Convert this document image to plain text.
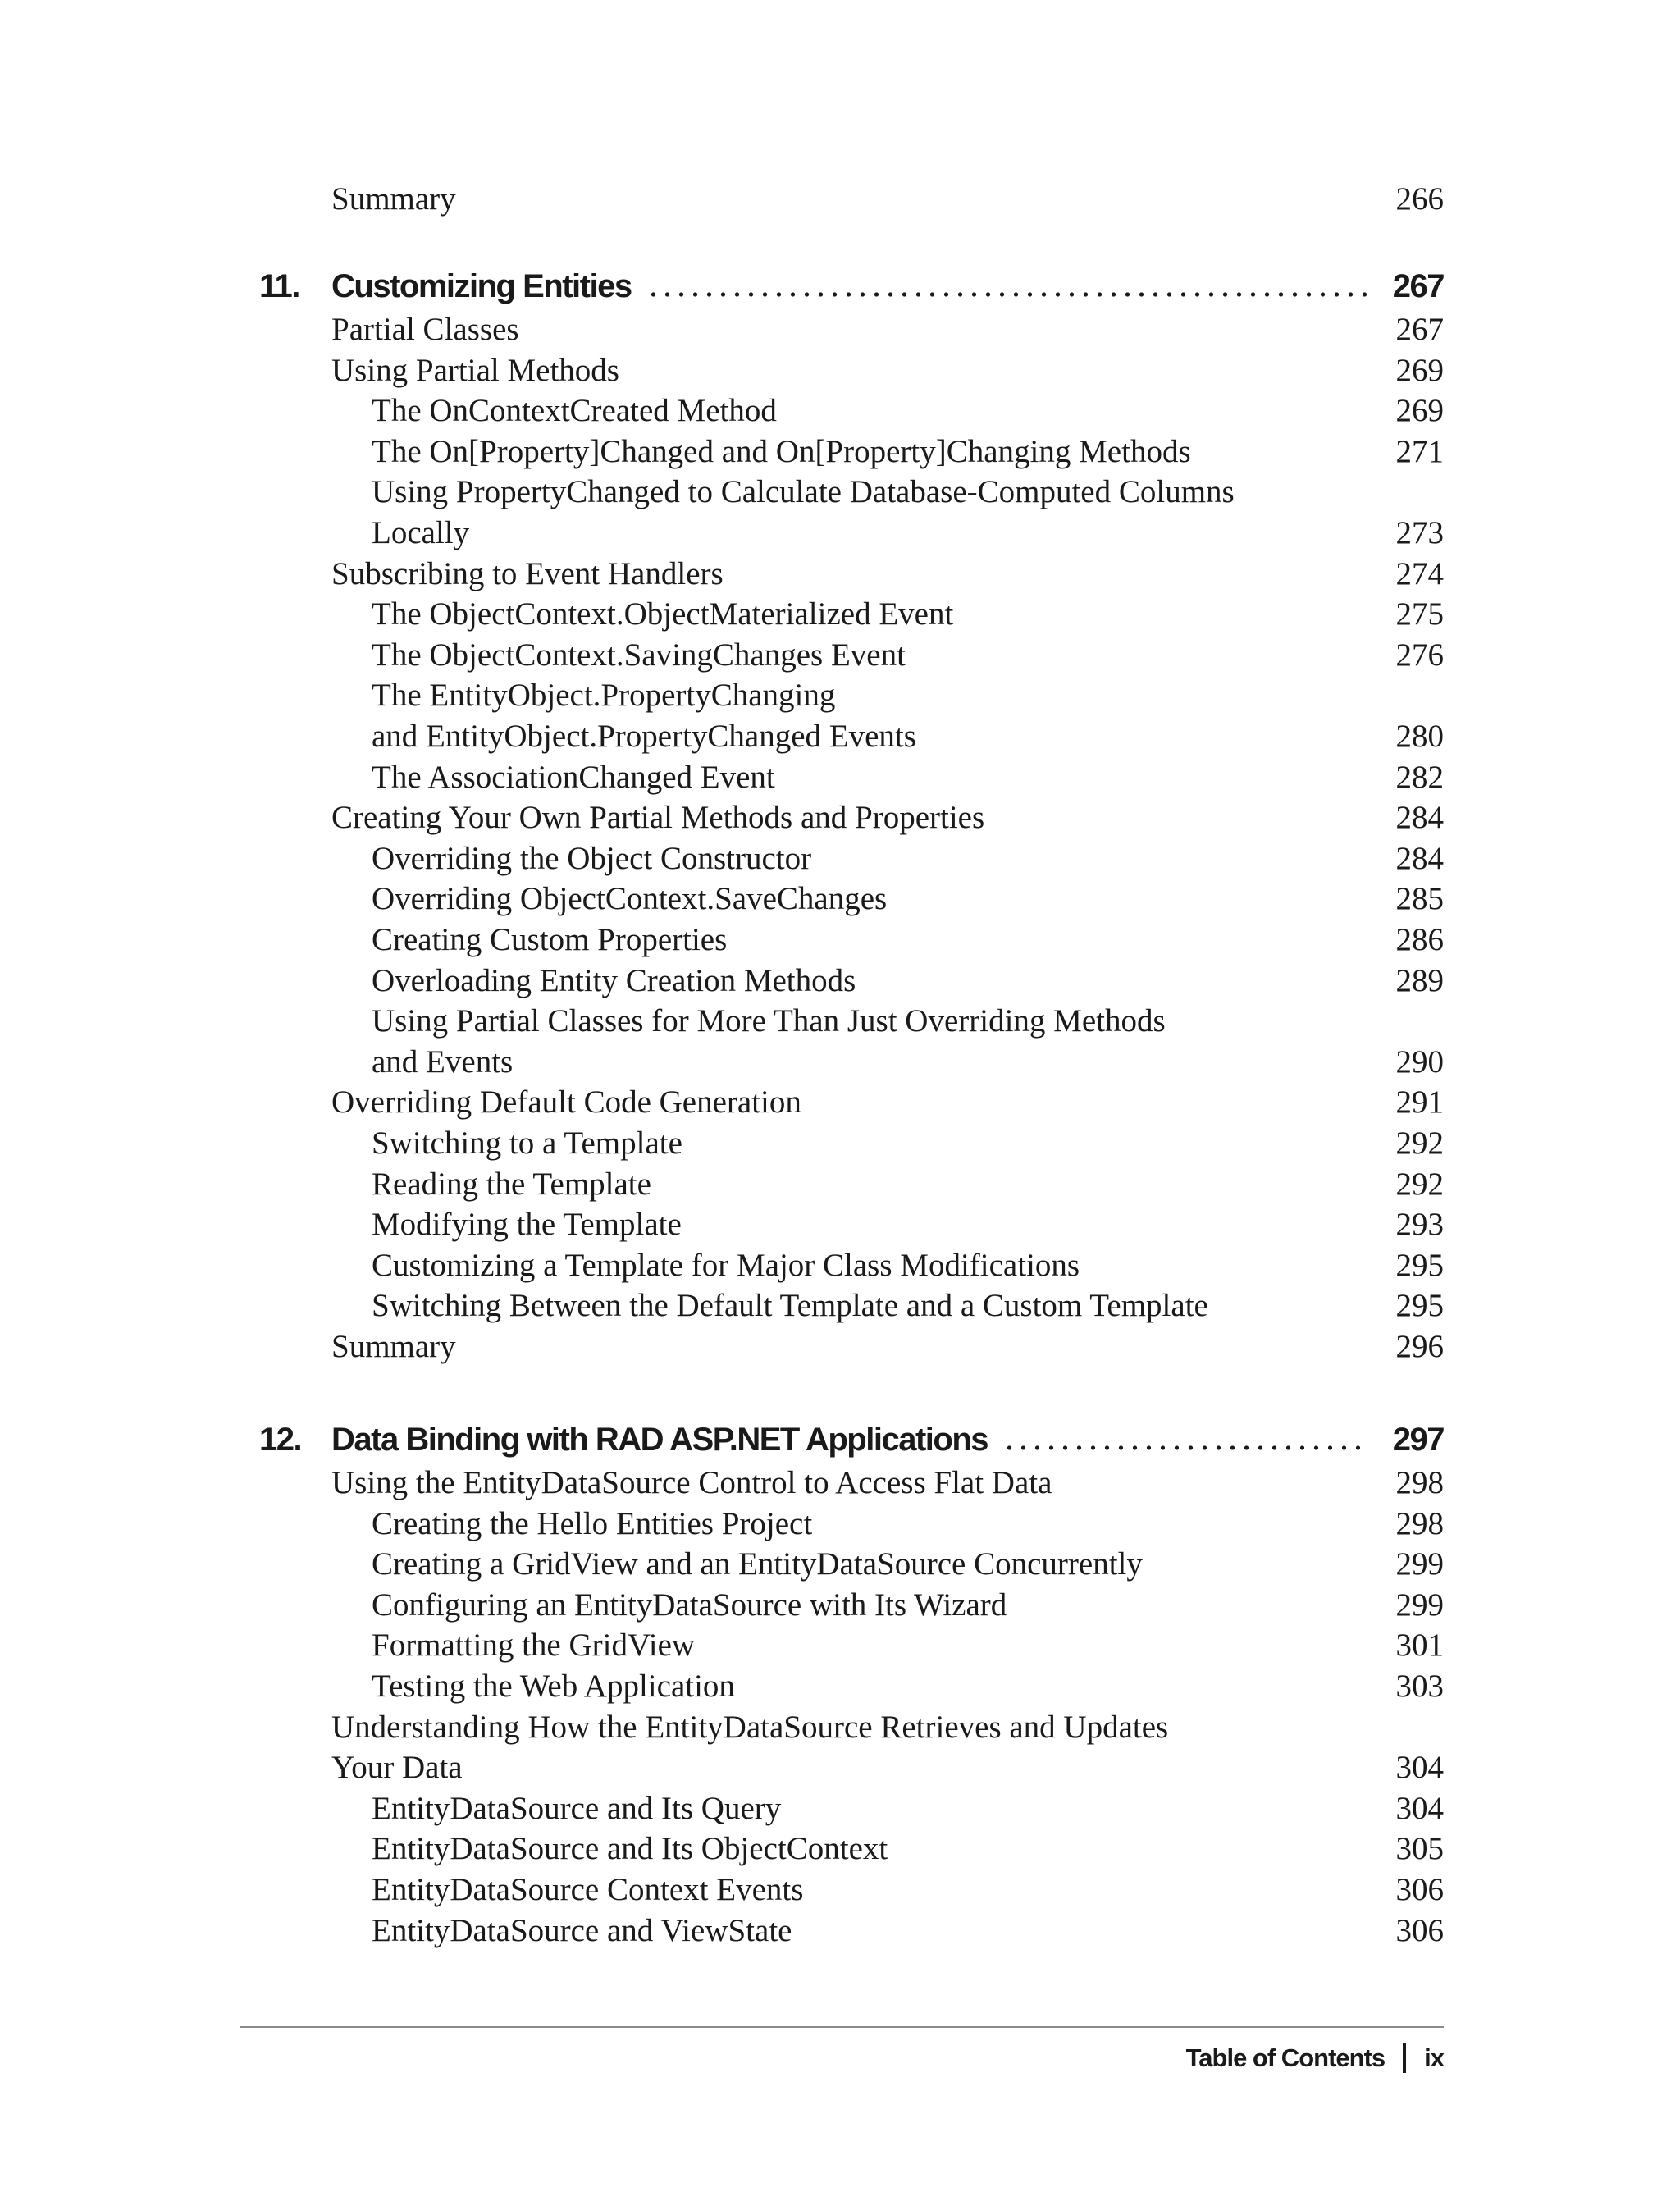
Summary	266
11. Customizing Entities	267
Partial Classes	267
Using Partial Methods	269
The OnContextCreated Method	269
The On[Property]Changed and On[Property]Changing Methods	271
Using PropertyChanged to Calculate Database-Computed Columns
Locally	273
Subscribing to Event Handlers	274
The ObjectContext.ObjectMaterialized Event	275
The ObjectContext.SavingChanges Event	276
The EntityObject.PropertyChanging
and EntityObject.PropertyChanged Events	280
The AssociationChanged Event	282
Creating Your Own Partial Methods and Properties	284
Overriding the Object Constructor	284
Overriding ObjectContext.SaveChanges	285
Creating Custom Properties	286
Overloading Entity Creation Methods	289
Using Partial Classes for More Than Just Overriding Methods
and Events	290
Overriding Default Code Generation	291
Switching to a Template	292
Reading the Template	292
Modifying the Template	293
Customizing a Template for Major Class Modifications	295
Switching Between the Default Template and a Custom Template	295
Summary	296
12. Data Binding with RAD ASP.NET Applications	297
Using the EntityDataSource Control to Access Flat Data	298
Creating the Hello Entities Project	298
Creating a GridView and an EntityDataSource Concurrently	299
Configuring an EntityDataSource with Its Wizard	299
Formatting the GridView	301
Testing the Web Application	303
Understanding How the EntityDataSource Retrieves and Updates
Your Data	304
EntityDataSource and Its Query	304
EntityDataSource and Its ObjectContext	305
EntityDataSource Context Events	306
EntityDataSource and ViewState	306
Table of Contents ix
